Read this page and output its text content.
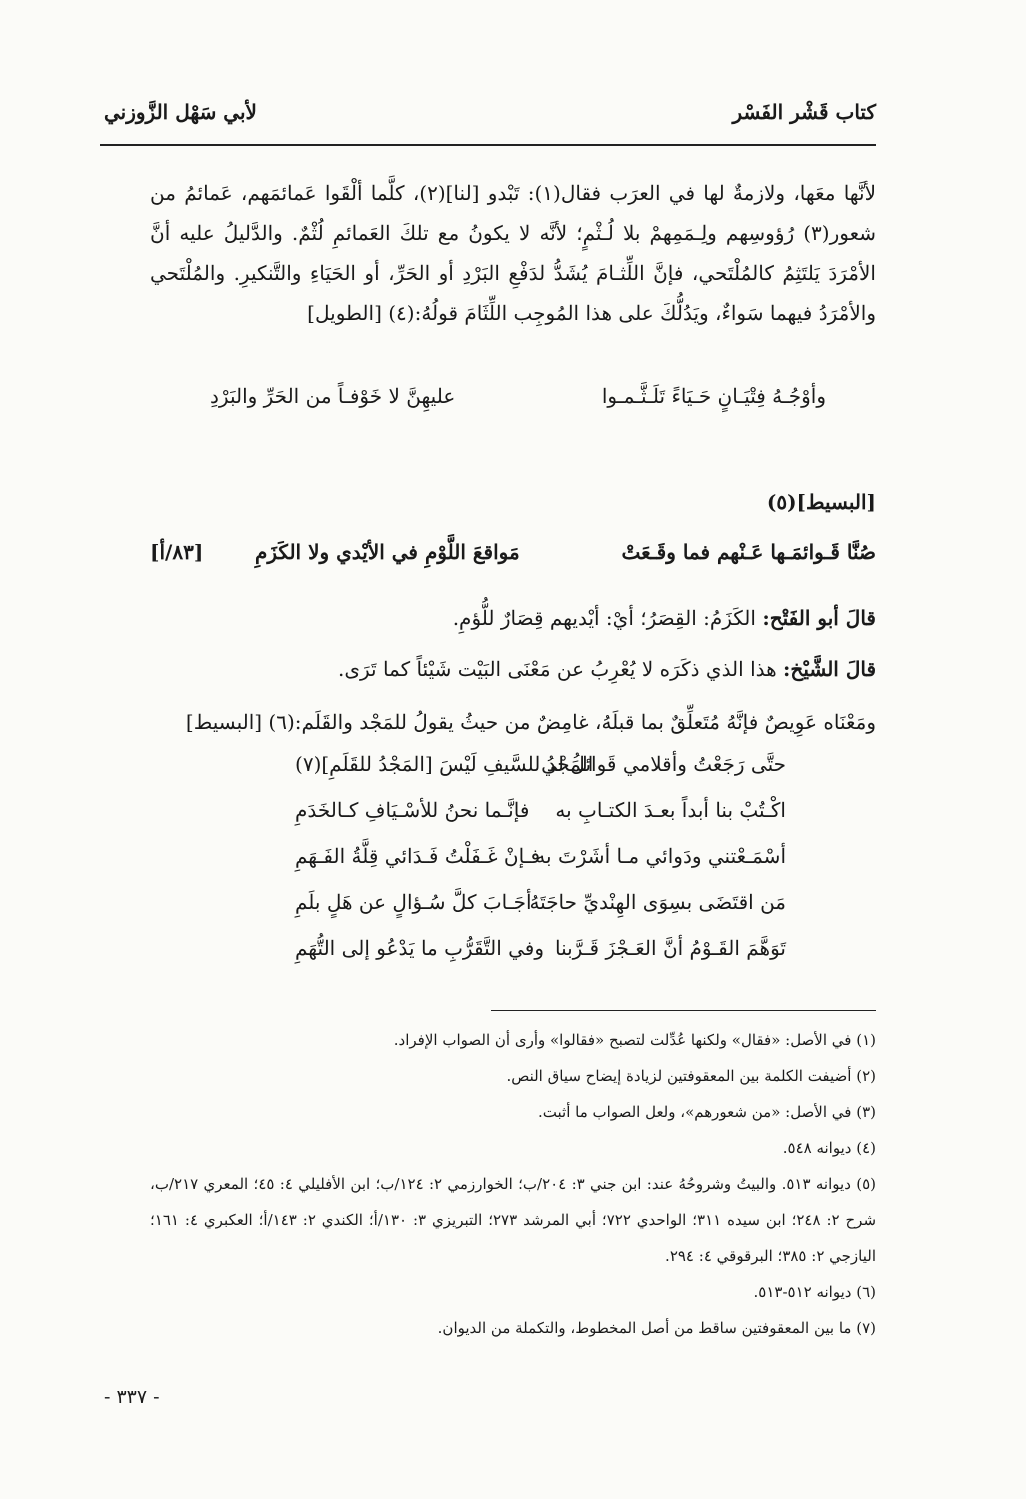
كتاب قَشْر الفَسْر
لأبي سَهْل الزَّوزني
لأنَّها معَها، ولازمةٌ لها في العرَب فقال(١): تَبْدو [لنا](٢)، كلَّما ألْقَوا عَمائمَهم، عَمائمُ من شعور(٣) رُؤوسِهم ولِـمَمِهمْ بلا لُـثْمٍ؛ لأنَّه لا يكونُ مع تلكَ العَمائمِ لُثْمٌ. والدَّليلُ عليه أنَّ الأمْرَدَ يَلتَثِمُ كالمُلْتَحي، فإنَّ اللِّثـامَ يُشَدُّ لدَفْعِ البَرْدِ أو الحَرِّ، أو الحَيَاءِ والتَّنكيرِ. والمُلْتَحي والأمْرَدُ فيهما سَواءٌ، ويَدُلُّكَ على هذا المُوجِب اللِّثَامَ قولُهُ:(٤) [الطويل]
وأوْجُـهُ فِتْيَـانٍ حَـيَاءً تَلَـثَّـمـوا
عليهِنَّ لا خَوْفـاً من الحَرِّ والبَرْدِ
[البسيط](٥)
صُنَّا قَـوائمَـها عَـنْهم فما وقَـعَتْ
مَواقعَ اللَّوْمِ في الأيْدي ولا الكَزَمِ
[٨٣/أ]
قالَ أبو الفَتْح: الكَزَمُ: القِصَرُ؛ أيْ: أيْديهم قِصَارٌ للُّؤمِ.
قالَ الشَّيْخ: هذا الذي ذكَرَه لا يُعْرِبُ عن مَعْنَى البَيْت شَيْئاً كما تَرَى.
ومَعْنَاه عَوِيصٌ فإنَّهُ مُتَعلِّقٌ بما قبلَهُ، غامِضٌ من حيثُ يقولُ للمَجْد والقَلَم:(٦) [البسيط]
حتَّى رَجَعْتُ وأقلامي قَوائلُ لي
المَجْدُ للسَّيفِ لَيْسَ [المَجْدُ للقَلَمِ](٧)
اكْـتُبْ بنا أبداً بعـدَ الكتـابِ به
فإنَّـما نحنُ للأسْـيَافِ كـالخَدَمِ
أسْمَـعْتني ودَوائي مـا أشَرْتَ به
فـإنْ غَـفَلْتُ فَـدَائي قِلَّةُ الفَـهَمِ
مَن اقتَضَى بسِوَى الهِنْديِّ حاجَتَهُ
أجَـابَ كلَّ سُـؤالٍ عن هَلٍ بلَمِ
تَوَهَّمَ القَـوْمُ أنَّ العَـجْزَ قَـرَّبنا
وفي التَّقَرُّبِ ما يَدْعُو إلى التُّهَمِ
(١) في الأصل: «فقال» ولكنها عُدِّلت لتصبح «فقالوا» وأرى أن الصواب الإفراد.
(٢) أضيفت الكلمة بين المعقوفتين لزيادة إيضاح سياق النص.
(٣) في الأصل: «من شعورهم»، ولعل الصواب ما أثبت.
(٤) ديوانه ٥٤٨.
(٥) ديوانه ٥١٣. والبيتُ وشروحُهُ عند: ابن جني ٣: ٢٠٤/ب؛ الخوارزمي ٢: ١٢٤/ب؛ ابن الأفليلي ٤: ٤٥؛ المعري ٢١٧/ب، شرح ٢: ٢٤٨؛ ابن سيده ٣١١؛ الواحدي ٧٢٢؛ أبي المرشد ٢٧٣؛ التبريزي ٣: ١٣٠/أ؛ الكندي ٢: ١٤٣/أ؛ العكبري ٤: ١٦١؛ اليازجي ٢: ٣٨٥؛ البرقوقي ٤: ٢٩٤.
(٦) ديوانه ٥١٢-٥١٣.
(٧) ما بين المعقوفتين ساقط من أصل المخطوط، والتكملة من الديوان.
- ٣٣٧ -
